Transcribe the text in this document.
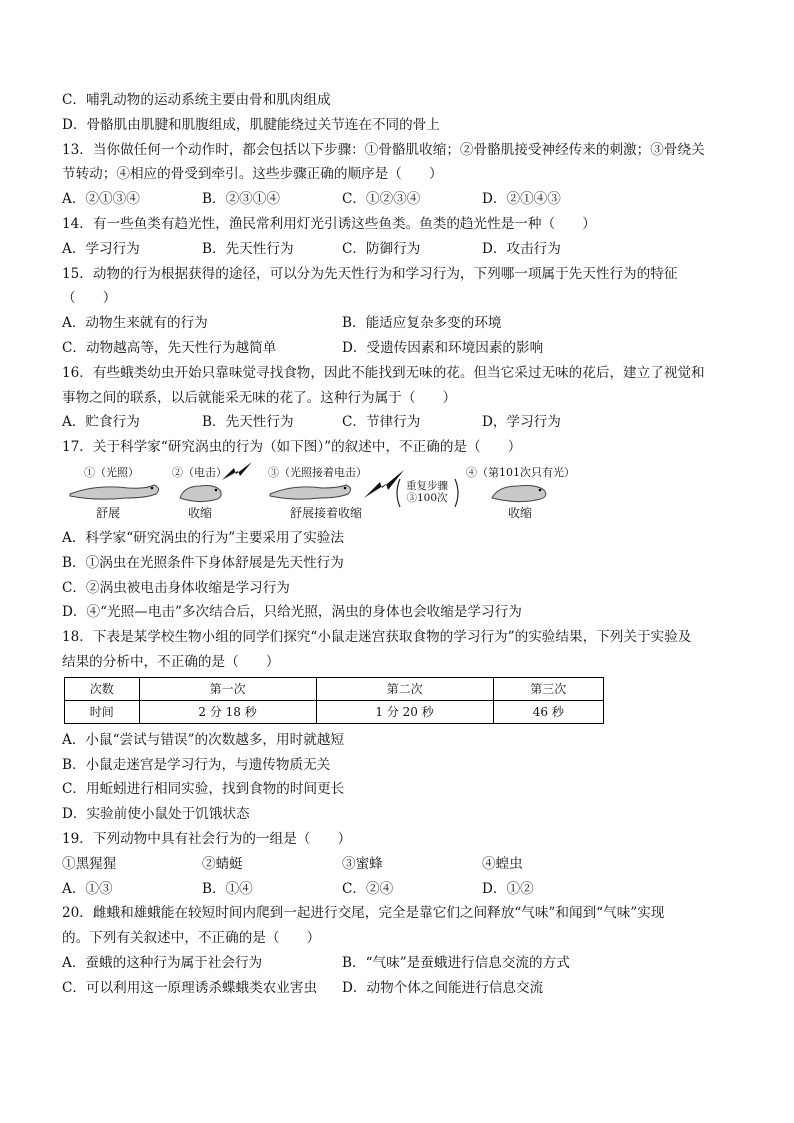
C．哺乳动物的运动系统主要由骨和肌肉组成
D．骨骼肌由肌腱和肌腹组成，肌腱能绕过关节连在不同的骨上
13．当你做任何一个动作时，都会包括以下步骤：①骨骼肌收缩；②骨骼肌接受神经传来的刺激；③骨绕关
节转动；④相应的骨受到牵引。这些步骤正确的顺序是（　　）
A．②①③④	B．②③①④	C．①②③④	D．②①④③
14．有一些鱼类有趋光性，渔民常利用灯光引诱这些鱼类。鱼类的趋光性是一种（　　）
A．学习行为	B．先天性行为	C．防御行为	D．攻击行为
15．动物的行为根据获得的途径，可以分为先天性行为和学习行为，下列哪一项属于先天性行为的特征
（　　）
A．动物生来就有的行为	B．能适应复杂多变的环境
C．动物越高等，先天性行为越简单	D．受遗传因素和环境因素的影响
16．有些蛾类幼虫开始只靠味觉寻找食物，因此不能找到无味的花。但当它采过无味的花后，建立了视觉和
事物之间的联系，以后就能采无味的花了。这种行为属于（　　）
A．贮食行为	B．先天性行为	C．节律行为	D，学习行为
17．关于科学家“研究涡虫的行为（如下图）”的叙述中，不正确的是（　　）
①（光照）
舒展
②（电击）
收缩
③（光照接着电击）
舒展接着收缩
重复步骤
③100次
④（第101次只有光）
收缩
A．科学家“研究涡虫的行为”主要采用了实验法
B．①涡虫在光照条件下身体舒展是先天性行为
C．②涡虫被电击身体收缩是学习行为
D．④“光照—电击”多次结合后，只给光照，涡虫的身体也会收缩是学习行为
18．下表是某学校生物小组的同学们探究“小鼠走迷宫获取食物的学习行为”的实验结果，下列关于实验及
结果的分析中，不正确的是（　　）
次数	第一次	第二次	第三次
时间	2 分 18 秒	1 分 20 秒	46 秒
A．小鼠“尝试与错误”的次数越多，用时就越短
B．小鼠走迷宫是学习行为，与遗传物质无关
C．用蚯蚓进行相同实验，找到食物的时间更长
D．实验前使小鼠处于饥饿状态
19．下列动物中具有社会行为的一组是（　　）
①黑猩猩	②蜻蜓	③蜜蜂	④蝗虫
A．①③	B．①④	C．②④	D．①②
20．雌蛾和雄蛾能在较短时间内爬到一起进行交尾，完全是靠它们之间释放“气味”和闻到“气味”实现
的。下列有关叙述中，不正确的是（　　）
A．蚕蛾的这种行为属于社会行为	B．“气味”是蚕蛾进行信息交流的方式
C．可以利用这一原理诱杀蝶蛾类农业害虫	D．动物个体之间能进行信息交流
